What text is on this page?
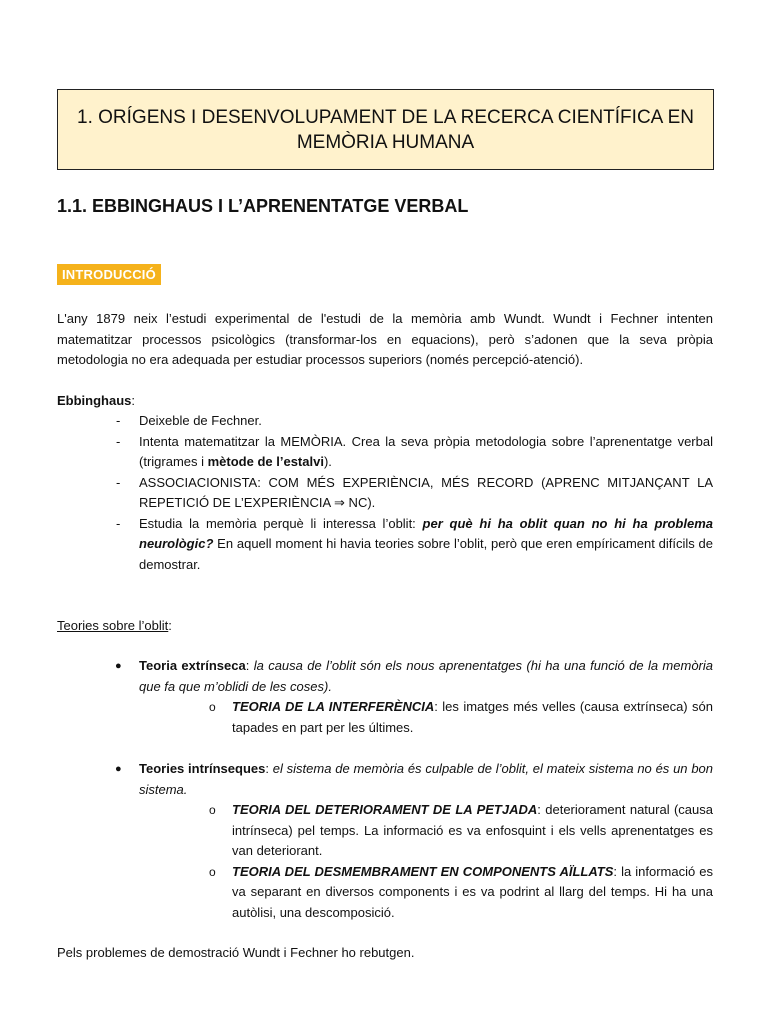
1. ORÍGENS I DESENVOLUPAMENT DE LA RECERCA CIENTÍFICA EN MEMÒRIA HUMANA
1.1. EBBINGHAUS I L’APRENENTATGE VERBAL
INTRODUCCIÓ

L'any 1879 neix l’estudi experimental de l'estudi de la memòria amb Wundt. Wundt i Fechner intenten matematitzar processos psicològics (transformar-los en equacions), però s’adonen que la seva pròpia metodologia no era adequada per estudiar processos superiors (només percepció-atenció).

Ebbinghaus:

- Deixeble de Fechner.
- Intenta matematitzar la MEMÒRIA. Crea la seva pròpia metodologia sobre l’aprenentatge verbal (trigrames i mètode de l’estalvi).
- ASSOCIACIONISTA: COM MÉS EXPERIÈNCIA, MÉS RECORD (APRENC MITJANÇANT LA REPETICIÓ DE L’EXPERIÈNCIA ⇒ NC).
- Estudia la memòria perquè li interessa l’oblit: per què hi ha oblit quan no hi ha problema neurològic? En aquell moment hi havia teories sobre l’oblit, però que eren empíricament difícils de demostrar.

Teories sobre l’oblit:

● Teoria extrínseca: la causa de l’oblit són els nous aprenentatges (hi ha una funció de la memòria que fa que m’oblidi de les coses).
o TEORIA DE LA INTERFERÈNCIA: les imatges més velles (causa extrínseca) són tapades en part per les últimes.
● Teories intrínseques: el sistema de memòria és culpable de l’oblit, el mateix sistema no és un bon sistema.
o TEORIA DEL DETERIORAMENT DE LA PETJADA: deteriorament natural (causa intrínseca) pel temps. La informació es va enfosquint i els vells aprenentatges es van deteriorant.
o TEORIA DEL DESMEMBRAMENT EN COMPONENTS AÏLLATS: la informació es va separant en diversos components i es va podrint al llarg del temps. Hi ha una autòlisi, una descomposició.

Pels problemes de demostració Wundt i Fechner ho rebutgen.
